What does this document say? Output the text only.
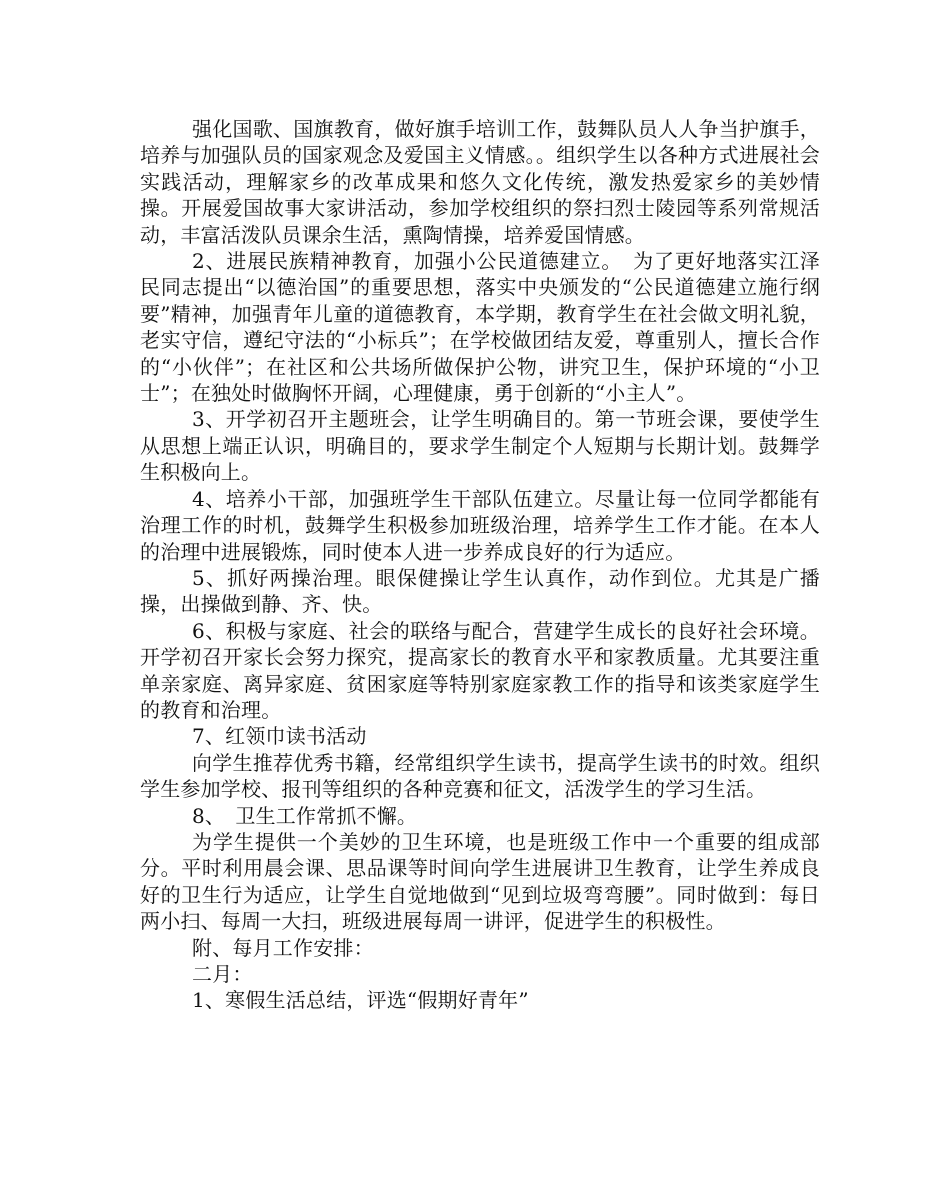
强化国歌、国旗教育，做好旗手培训工作，鼓舞队员人人争当护旗手，培养与加强队员的国家观念及爱国主义情感。。组织学生以各种方式进展社会实践活动，理解家乡的改革成果和悠久文化传统，激发热爱家乡的美妙情操。开展爱国故事大家讲活动，参加学校组织的祭扫烈士陵园等系列常规活动，丰富活泼队员课余生活，熏陶情操，培养爱国情感。

2、进展民族精神教育，加强小公民道德建立。　为了更好地落实江泽民同志提出“以德治国”的重要思想，落实中央颁发的“公民道德建立施行纲要”精神，加强青年儿童的道德教育，本学期，教育学生在社会做文明礼貌，老实守信，遵纪守法的“小标兵”；在学校做团结友爱，尊重别人，擅长合作的“小伙伴”；在社区和公共场所做保护公物，讲究卫生，保护环境的“小卫士”；在独处时做胸怀开阔，心理健康，勇于创新的“小主人”。

3、开学初召开主题班会，让学生明确目的。第一节班会课，要使学生从思想上端正认识，明确目的，要求学生制定个人短期与长期计划。鼓舞学生积极向上。

4、培养小干部，加强班学生干部队伍建立。尽量让每一位同学都能有治理工作的时机，鼓舞学生积极参加班级治理，培养学生工作才能。在本人的治理中进展锻炼，同时使本人进一步养成良好的行为适应。

5、抓好两操治理。眼保健操让学生认真作，动作到位。尤其是广播操，出操做到静、齐、快。

6、积极与家庭、社会的联络与配合，营建学生成长的良好社会环境。开学初召开家长会努力探究，提高家长的教育水平和家教质量。尤其要注重单亲家庭、离异家庭、贫困家庭等特别家庭家教工作的指导和该类家庭学生的教育和治理。

7、红领巾读书活动

向学生推荐优秀书籍，经常组织学生读书，提高学生读书的时效。组织学生参加学校、报刊等组织的各种竞赛和征文，活泼学生的学习生活。

8、　卫生工作常抓不懈。

为学生提供一个美妙的卫生环境，也是班级工作中一个重要的组成部分。平时利用晨会课、思品课等时间向学生进展讲卫生教育，让学生养成良好的卫生行为适应，让学生自觉地做到“见到垃圾弯弯腰”。同时做到：每日两小扫、每周一大扫，班级进展每周一讲评，促进学生的积极性。

附、每月工作安排：

二月：

1、寒假生活总结，评选“假期好青年”
